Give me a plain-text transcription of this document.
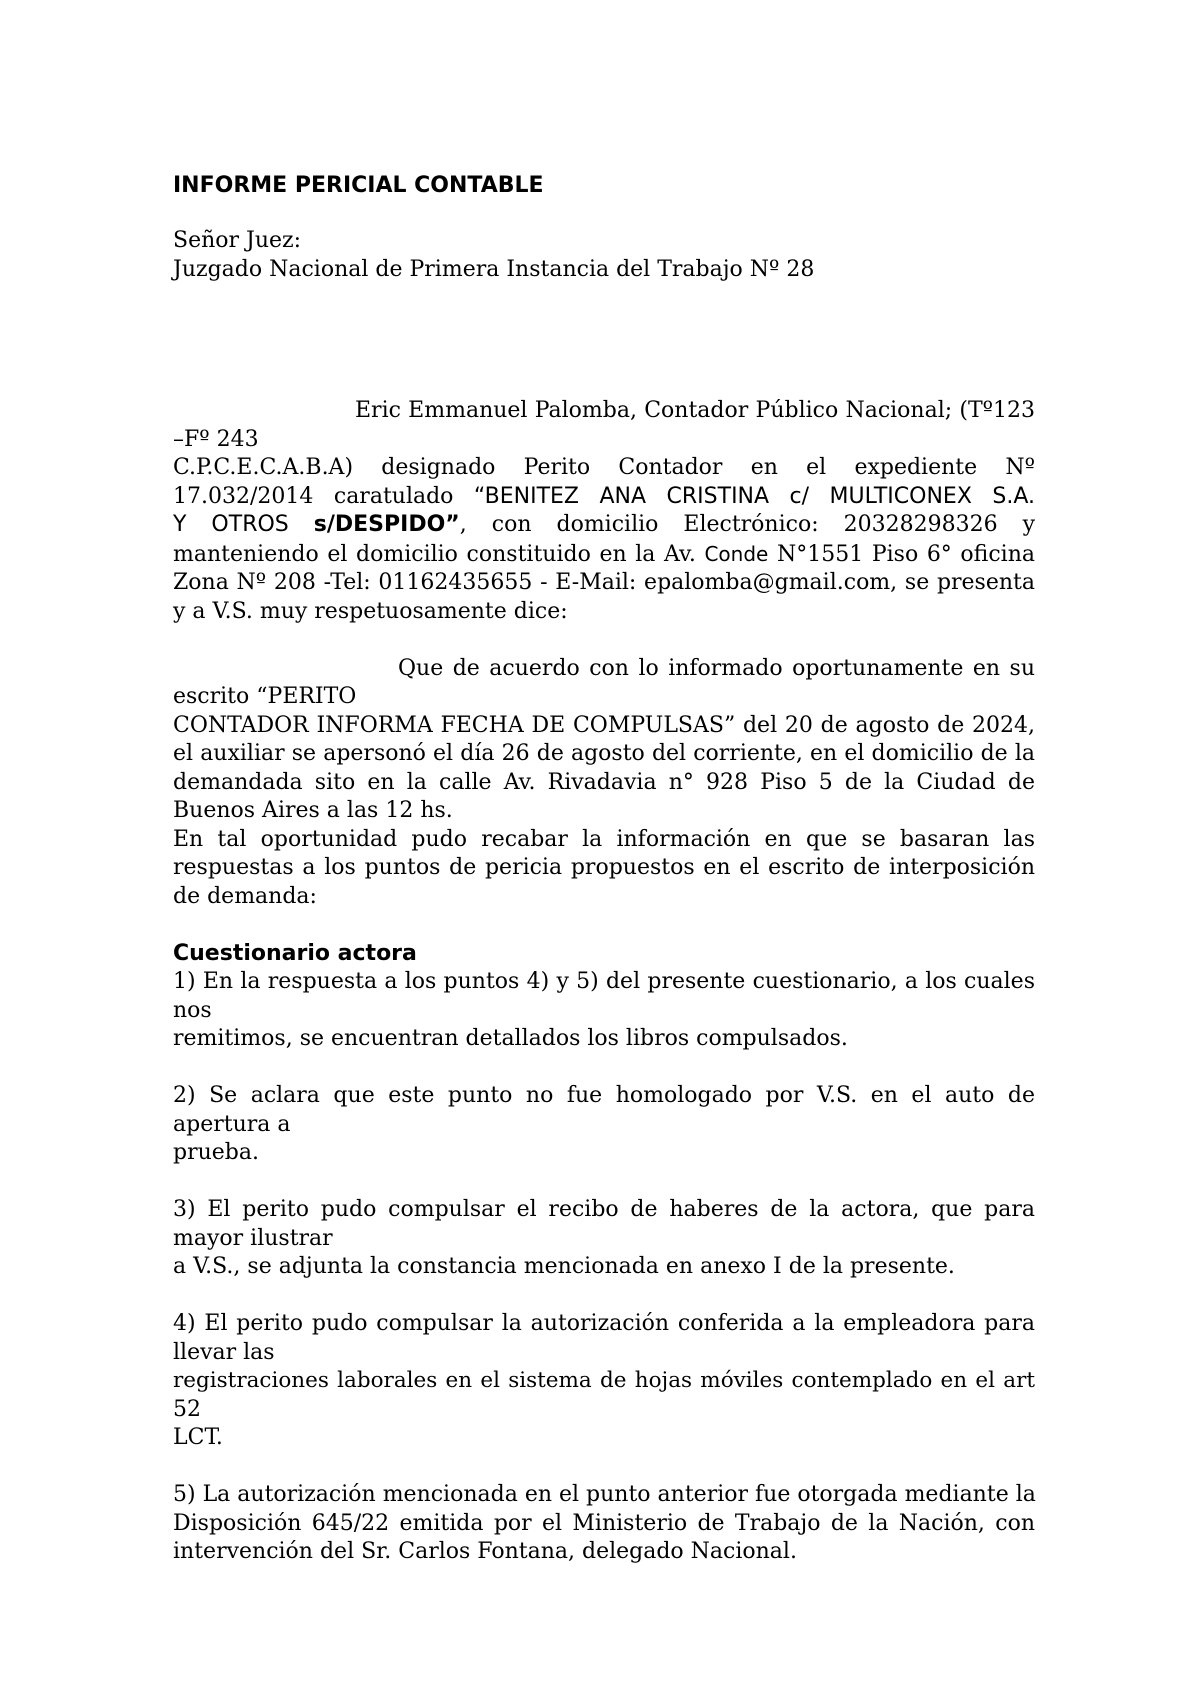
INFORME PERICIAL CONTABLE
Señor Juez:
Juzgado Nacional de Primera Instancia del Trabajo Nº 28
Eric Emmanuel Palomba, Contador Público Nacional; (Tº123
–Fº 243
C.P.C.E.C.A.B.A) designado Perito Contador en el expediente Nº
17.032/2014 caratulado “BENITEZ ANA CRISTINA c/ MULTICONEX S.A.
Y OTROS s/DESPIDO”, con domicilio Electrónico: 20328298326 y
manteniendo el domicilio constituido en la Av. Conde N°1551 Piso 6° oficina
Zona Nº 208 -Tel: 01162435655 - E-Mail: epalomba@gmail.com, se presenta
y a V.S. muy respetuosamente dice:
Que de acuerdo con lo informado oportunamente en su
escrito “PERITO
CONTADOR INFORMA FECHA DE COMPULSAS” del 20 de agosto de 2024,
el auxiliar se apersonó el día 26 de agosto del corriente, en el domicilio de la
demandada sito en la calle Av. Rivadavia n° 928 Piso 5 de la Ciudad de
Buenos Aires a las 12 hs.
En tal oportunidad pudo recabar la información en que se basaran las
respuestas a los puntos de pericia propuestos en el escrito de interposición
de demanda:
Cuestionario actora
1) En la respuesta a los puntos 4) y 5) del presente cuestionario, a los cuales
nos
remitimos, se encuentran detallados los libros compulsados.
2) Se aclara que este punto no fue homologado por V.S. en el auto de
apertura a
prueba.
3) El perito pudo compulsar el recibo de haberes de la actora, que para
mayor ilustrar
a V.S., se adjunta la constancia mencionada en anexo I de la presente.
4) El perito pudo compulsar la autorización conferida a la empleadora para
llevar las
registraciones laborales en el sistema de hojas móviles contemplado en el art
52
LCT.
5) La autorización mencionada en el punto anterior fue otorgada mediante la
Disposición 645/22 emitida por el Ministerio de Trabajo de la Nación, con
intervención del Sr. Carlos Fontana, delegado Nacional.
